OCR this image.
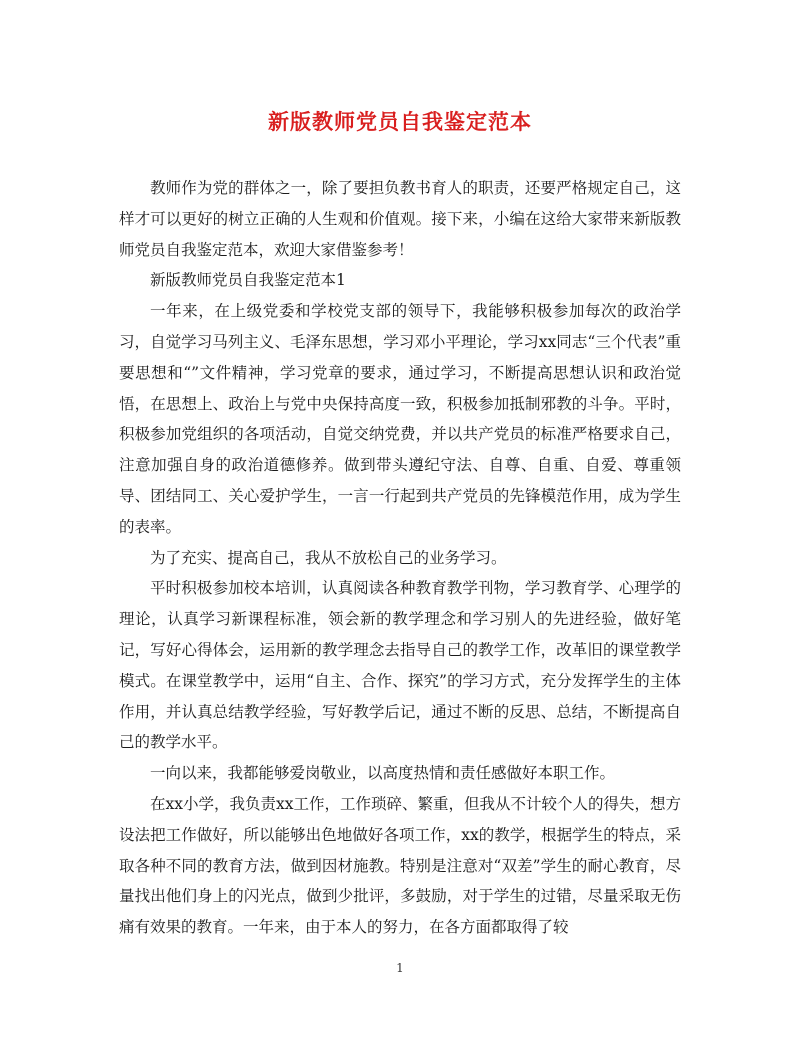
新版教师党员自我鉴定范本

教师作为党的群体之一，除了要担负教书育人的职责，还要严格规定自己，这样才可以更好的树立正确的人生观和价值观。接下来，小编在这给大家带来新版教师党员自我鉴定范本，欢迎大家借鉴参考！

新版教师党员自我鉴定范本1

一年来，在上级党委和学校党支部的领导下，我能够积极参加每次的政治学习，自觉学习马列主义、毛泽东思想，学习邓小平理论，学习xx同志“三个代表”重要思想和“”文件精神，学习党章的要求，通过学习，不断提高思想认识和政治觉悟，在思想上、政治上与党中央保持高度一致，积极参加抵制邪教的斗争。平时，积极参加党组织的各项活动，自觉交纳党费，并以共产党员的标准严格要求自己，注意加强自身的政治道德修养。做到带头遵纪守法、自尊、自重、自爱、尊重领导、团结同工、关心爱护学生，一言一行起到共产党员的先锋模范作用，成为学生的表率。

为了充实、提高自己，我从不放松自己的业务学习。

平时积极参加校本培训，认真阅读各种教育教学刊物，学习教育学、心理学的理论，认真学习新课程标准，领会新的教学理念和学习别人的先进经验，做好笔记，写好心得体会，运用新的教学理念去指导自己的教学工作，改革旧的课堂教学模式。在课堂教学中，运用“自主、合作、探究”的学习方式，充分发挥学生的主体作用，并认真总结教学经验，写好教学后记，通过不断的反思、总结，不断提高自己的教学水平。

一向以来，我都能够爱岗敬业，以高度热情和责任感做好本职工作。

在xx小学，我负责xx工作，工作琐碎、繁重，但我从不计较个人的得失，想方设法把工作做好，所以能够出色地做好各项工作，xx的教学，根据学生的特点，采取各种不同的教育方法，做到因材施教。特别是注意对“双差”学生的耐心教育，尽量找出他们身上的闪光点，做到少批评，多鼓励，对于学生的过错，尽量采取无伤痛有效果的教育。一年来，由于本人的努力，在各方面都取得了较

1
